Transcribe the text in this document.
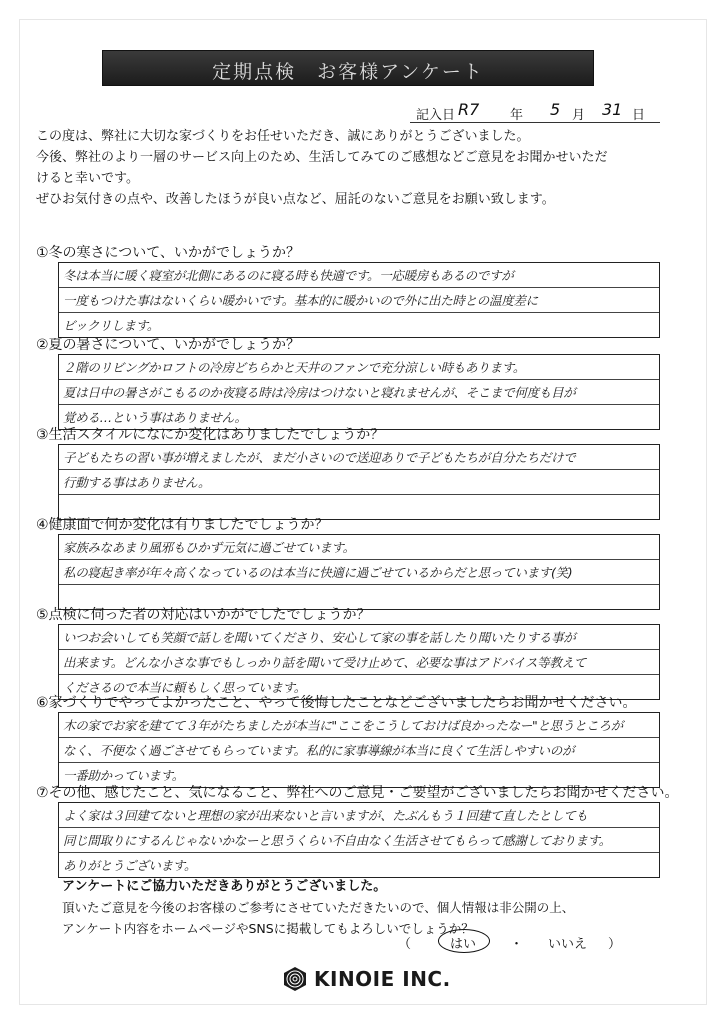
定期点検　お客様アンケート
記入日 R7 年 5 月 31 日

この度は、弊社に大切な家づくりをお任せいただき、誠にありがとうございました。

今後、弊社のより一層のサービス向上のため、生活してみてのご感想などご意見をお聞かせいただ

けると幸いです。

ぜひお気付きの点や、改善したほうが良い点など、屈託のないご意見をお願い致します。

①冬の寒さについて、いかがでしょうか？
冬は本当に暖く寝室が北側にあるのに寝る時も快適です。一応暖房もあるのですが
一度もつけた事はないくらい暖かいです。基本的に暖かいので外に出た時との温度差に
ビックリします。
②夏の暑さについて、いかがでしょうか？
２階のリビングかロフトの冷房どちらかと天井のファンで充分涼しい時もあります。
夏は日中の暑さがこもるのか夜寝る時は冷房はつけないと寝れませんが、そこまで何度も目が
覚める…という事はありません。
③生活スタイルになにか変化はありましたでしょうか？
子どもたちの習い事が増えましたが、まだ小さいので送迎ありで子どもたちが自分たちだけで
行動する事はありません。
④健康面で何か変化は有りましたでしょうか？
家族みなあまり風邪もひかず元気に過ごせています。
私の寝起き率が年々高くなっているのは本当に快適に過ごせているからだと思っています(笑)
⑤点検に伺った者の対応はいかがでしたでしょうか？
いつお会いしても笑顔で話しを聞いてくださり、安心して家の事を話したり聞いたりする事が
出来ます。どんな小さな事でもしっかり話を聞いて受け止めて、必要な事はアドバイス等教えて
くださるので本当に頼もしく思っています。
⑥家づくりでやってよかったこと、やって後悔したことなどございましたらお聞かせください。
木の家でお家を建てて３年がたちましたが本当に"ここをこうしておけば良かったなー"と思うところが
なく、不便なく過ごさせてもらっています。私的に家事導線が本当に良くて生活しやすいのが
一番助かっています。
⑦その他、感じたこと、気になること、弊社へのご意見・ご要望がございましたらお聞かせください。
よく家は３回建てないと理想の家が出来ないと言いますが、たぶんもう１回建て直したとしても
同じ間取りにするんじゃないかなーと思うくらい不自由なく生活させてもらって感謝しております。
ありがとうございます。
アンケートにご協力いただきありがとうございました。
頂いたご意見を今後のお客様のご参考にさせていただきたいので、個人情報は非公開の上、
アンケート内容をホームページやSNSに掲載してもよろしいでしょうか？
（	はい	・ いいえ ）
KINOIE INC.
